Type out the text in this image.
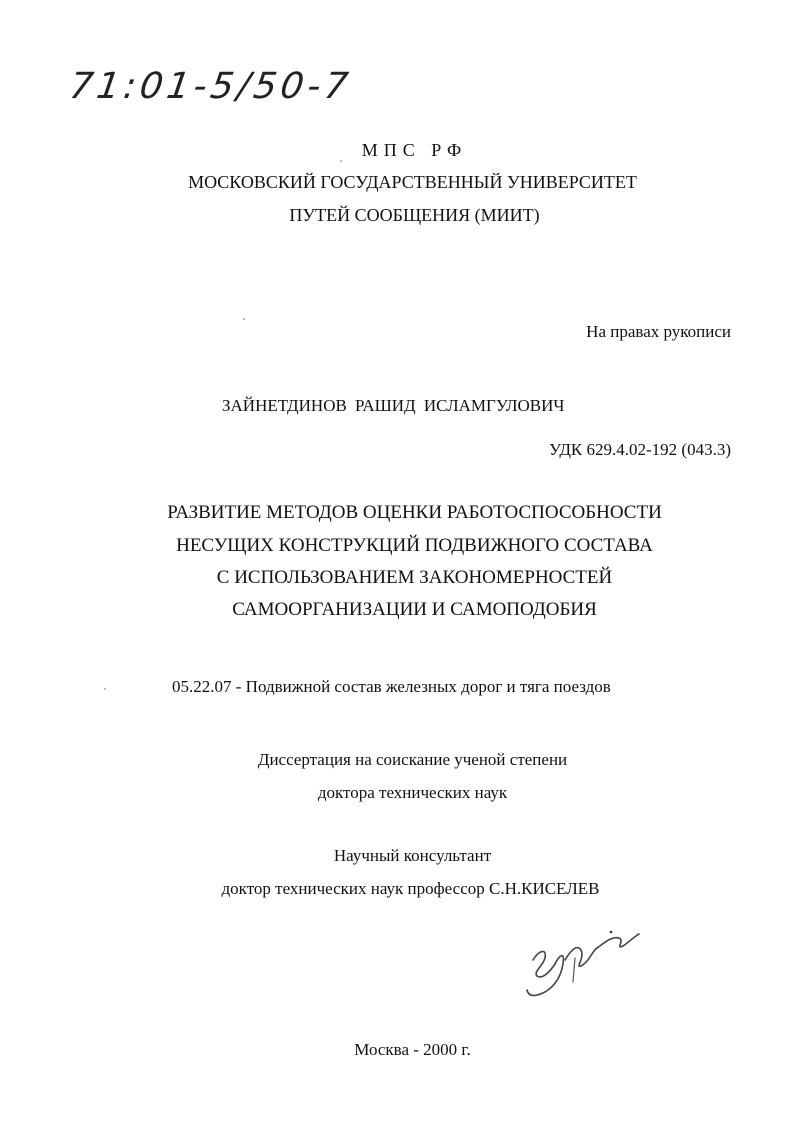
71:01-5/50-7
МПС РФ
МОСКОВСКИЙ ГОСУДАРСТВЕННЫЙ УНИВЕРСИТЕТ
ПУТЕЙ СООБЩЕНИЯ (МИИТ)
На правах рукописи
ЗАЙНЕТДИНОВ РАШИД ИСЛАМГУЛОВИЧ
УДК 629.4.02-192 (043.3)
РАЗВИТИЕ МЕТОДОВ ОЦЕНКИ РАБОТОСПОСОБНОСТИ
НЕСУЩИХ КОНСТРУКЦИЙ ПОДВИЖНОГО СОСТАВА
С ИСПОЛЬЗОВАНИЕМ ЗАКОНОМЕРНОСТЕЙ
САМООРГАНИЗАЦИИ И САМОПОДОБИЯ
05.22.07 - Подвижной состав железных дорог и тяга поездов
Диссертация на соискание ученой степени
доктора технических наук
Научный консультант
доктор технических наук профессор С.Н.КИСЕЛЕВ
Москва - 2000 г.
